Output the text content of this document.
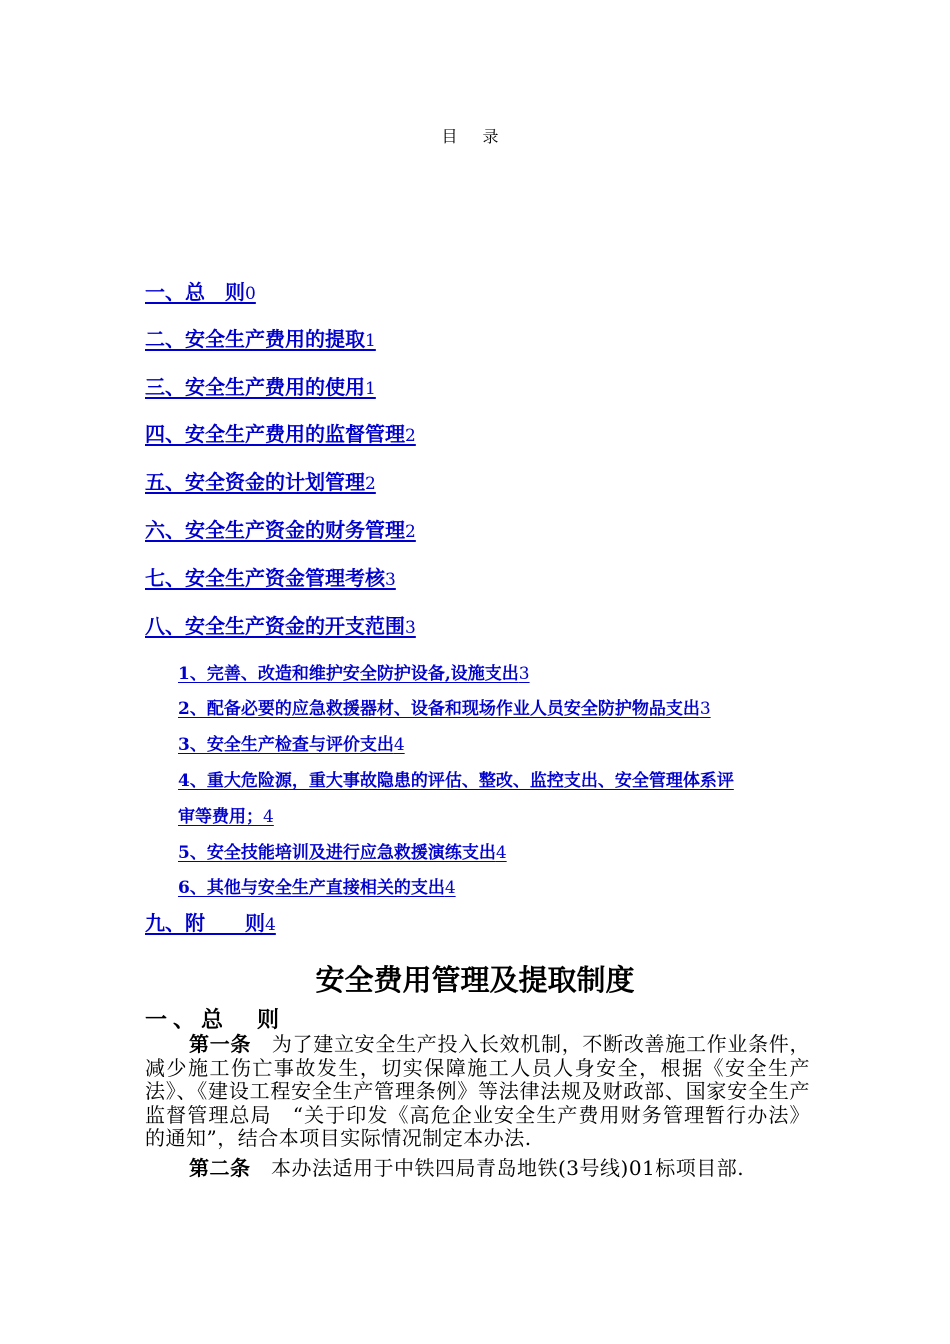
目 录
一、总　则0
二、安全生产费用的提取1
三、安全生产费用的使用1
四、安全生产费用的监督管理2
五、安全资金的计划管理2
六、安全生产资金的财务管理2
七、安全生产资金管理考核3
八、安全生产资金的开支范围3
1、完善、改造和维护安全防护设备,设施支出3
2、配备必要的应急救援器材、设备和现场作业人员安全防护物品支出3
3、安全生产检查与评价支出4
4、重大危险源，重大事故隐患的评估、整改、监控支出、安全管理体系评
审等费用；4
5、安全技能培训及进行应急救援演练支出4
6、其他与安全生产直接相关的支出4
九、附　　则4
安全费用管理及提取制度
一、总　则

第一条　为了建立安全生产投入长效机制，不断改善施工作业条件，减少施工伤亡事故发生，切实保障施工人员人身安全，根据《安全生产法》、《建设工程安全生产管理条例》等法律法规及财政部、国家安全生产监督管理总局　“关于印发《高危企业安全生产费用财务管理暂行办法》的通知”，结合本项目实际情况制定本办法.

第二条　本办法适用于中铁四局青岛地铁(3号线)01标项目部.
